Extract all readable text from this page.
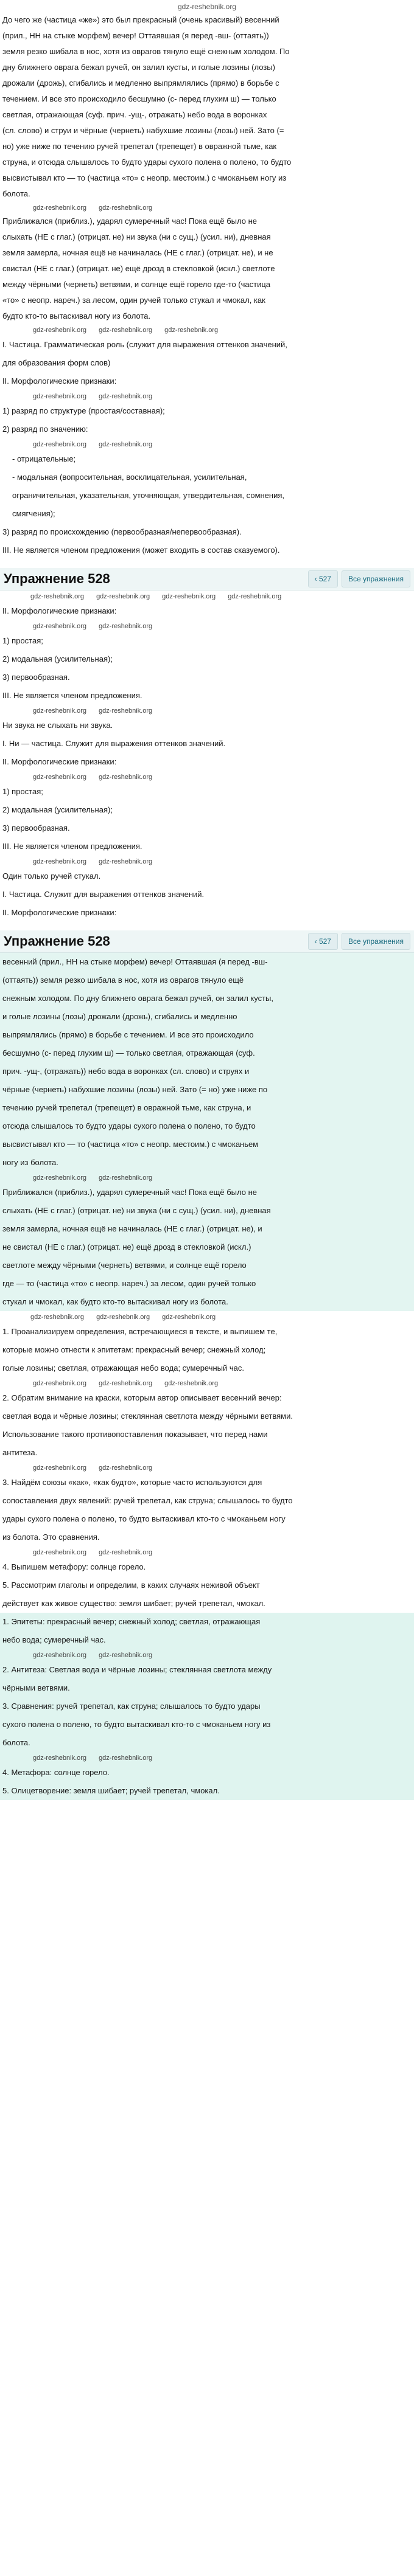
gdz-reshebnik.org

До чего же (частица «же») это был прекрасный (очень красивый) весенний

(прил., НН на стыке морфем) вечер! Оттаявшая (я перед -вш- (оттаять))

земля резко шибала в нос, хотя из оврагов тянуло ещё снежным холодом. По

дну ближнего оврага бежал ручей, он залил кусты, и голые лозины (лозы)

дрожали (дрожь), сгибались и медленно выпрямлялись (прямо) в борьбе с

течением. И все это происходило бесшумно (с- перед глухим ш) — только

светлая, отражающая (суф. прич. -ущ-, отражать) небо вода в воронках

(сл. слово) и струи и чёрные (чернеть) набухшие лозины (лозы) ней. Зато (=

но) уже ниже по течению ручей трепетал (трепещет) в овражной тьме, как

струна, и отсюда слышалось то будто удары сухого полена о полено, то будто

высвистывал кто — то (частица «то» с неопр. местоим.) с чмоканьем ногу из

болота.

gdz-reshebnik.org gdz-reshebnik.org

Приближался (приблиз.), ударял сумеречный час! Пока ещё было не

слыхать (НЕ с глаг.) (отрицат. не) ни звука (ни с сущ.) (усил. ни), дневная

земля замерла, ночная ещё не начиналась (НЕ с глаг.) (отрицат. не), и не

свистал (НЕ с глаг.) (отрицат. не) ещё дрозд в стекловкой (искл.) светлоте

между чёрными (чернеть) ветвями, и солнце ещё горело где-то (частица

«то» с неопр. нареч.) за лесом, один ручей только стукал и чмокал, как

будто кто-то вытаскивал ногу из болота.

gdz-reshebnik.org gdz-reshebnik.org gdz-reshebnik.org

I. Частица. Грамматическая роль (служит для выражения оттенков значений,

для образования форм слов)

II. Морфологические признаки:

gdz-reshebnik.org gdz-reshebnik.org

1) разряд по структуре (простая/составная);

2) разряд по значению:

gdz-reshebnik.org gdz-reshebnik.org

- отрицательные;

- модальная (вопросительная, восклицательная, усилительная,

ограничительная, указательная, уточняющая, утвердительная, сомнения,

смягчения);

3) разряд по происхождению (первообразная/непервообразная).

III. Не является членом предложения (может входить в состав сказуемого).

Упражнение 528	‹ 527	Все упражнения
gdz-reshebnik.org gdz-reshebnik.org gdz-reshebnik.org gdz-reshebnik.org

II. Морфологические признаки:

gdz-reshebnik.org gdz-reshebnik.org

1) простая;

2) модальная (усилительная);

3) первообразная.

III. Не является членом предложения.

gdz-reshebnik.org gdz-reshebnik.org

Ни звука не слыхать ни звука.

I. Ни — частица. Служит для выражения оттенков значений.

II. Морфологические признаки:

gdz-reshebnik.org gdz-reshebnik.org

1) простая;

2) модальная (усилительная);

3) первообразная.

III. Не является членом предложения.

gdz-reshebnik.org gdz-reshebnik.org

Один только ручей стукал.

I. Частица. Служит для выражения оттенков значений.

II. Морфологические признаки:

Упражнение 528	‹ 527	Все упражнения

весенний (прил., НН на стыке морфем) вечер! Оттаявшая (я перед -вш-

(оттаять)) земля резко шибала в нос, хотя из оврагов тянуло ещё

снежным холодом. По дну ближнего оврага бежал ручей, он залил кусты,

и голые лозины (лозы) дрожали (дрожь), сгибались и медленно

выпрямлялись (прямо) в борьбе с течением. И все это происходило

бесшумно (с- перед глухим ш) — только светлая, отражающая (суф.

прич. -ущ-, (отражать)) небо вода в воронках (сл. слово) и струях и

чёрные (чернеть) набухшие лозины (лозы) ней. Зато (= но) уже ниже по

течению ручей трепетал (трепещет) в овражной тьме, как струна, и

отсюда слышалось то будто удары сухого полена о полено, то будто

высвистывал кто — то (частица «то» с неопр. местоим.) с чмоканьем

ногу из болота.

gdz-reshebnik.org gdz-reshebnik.org

Приближался (приблиз.), ударял сумеречный час! Пока ещё было не

слыхать (НЕ с глаг.) (отрицат. не) ни звука (ни с сущ.) (усил. ни), дневная

земля замерла, ночная ещё не начиналась (НЕ с глаг.) (отрицат. не), и

не свистал (НЕ с глаг.) (отрицат. не) ещё дрозд в стекловкой (искл.)

светлоте между чёрными (чернеть) ветвями, и солнце ещё горело

где — то (частица «то» с неопр. нареч.) за лесом, один ручей только

стукал и чмокал, как будто кто-то вытаскивал ногу из болота.

gdz-reshebnik.org gdz-reshebnik.org gdz-reshebnik.org

1. Проанализируем определения, встречающиеся в тексте, и выпишем те,

которые можно отнести к эпитетам: прекрасный вечер; снежный холод;

голые лозины; светлая, отражающая небо вода; сумеречный час.

gdz-reshebnik.org gdz-reshebnik.org gdz-reshebnik.org

2. Обратим внимание на краски, которым автор описывает весенний вечер:

светлая вода и чёрные лозины; стеклянная светлота между чёрными ветвями.

Использование такого противопоставления показывает, что перед нами

антитеза.

gdz-reshebnik.org gdz-reshebnik.org

3. Найдём союзы «как», «как будто», которые часто используются для

сопоставления двух явлений: ручей трепетал, как струна; слышалось то будто

удары сухого полена о полено, то будто вытаскивал кто-то с чмоканьем ногу

из болота. Это сравнения.

gdz-reshebnik.org gdz-reshebnik.org

4. Выпишем метафору: солнце горело.

5. Рассмотрим глаголы и определим, в каких случаях неживой объект

действует как живое существо: земля шибает; ручей трепетал, чмокал.

1. Эпитеты: прекрасный вечер; снежный холод; светлая, отражающая

небо вода; сумеречный час.

gdz-reshebnik.org gdz-reshebnik.org

2. Антитеза: Светлая вода и чёрные лозины; стеклянная светлота между

чёрными ветвями.

3. Сравнения: ручей трепетал, как струна; слышалось то будто удары

сухого полена о полено, то будто вытаскивал кто-то с чмоканьем ногу из

болота.

gdz-reshebnik.org gdz-reshebnik.org

4. Метафора: солнце горело.

5. Олицетворение: земля шибает; ручей трепетал, чмокал.
